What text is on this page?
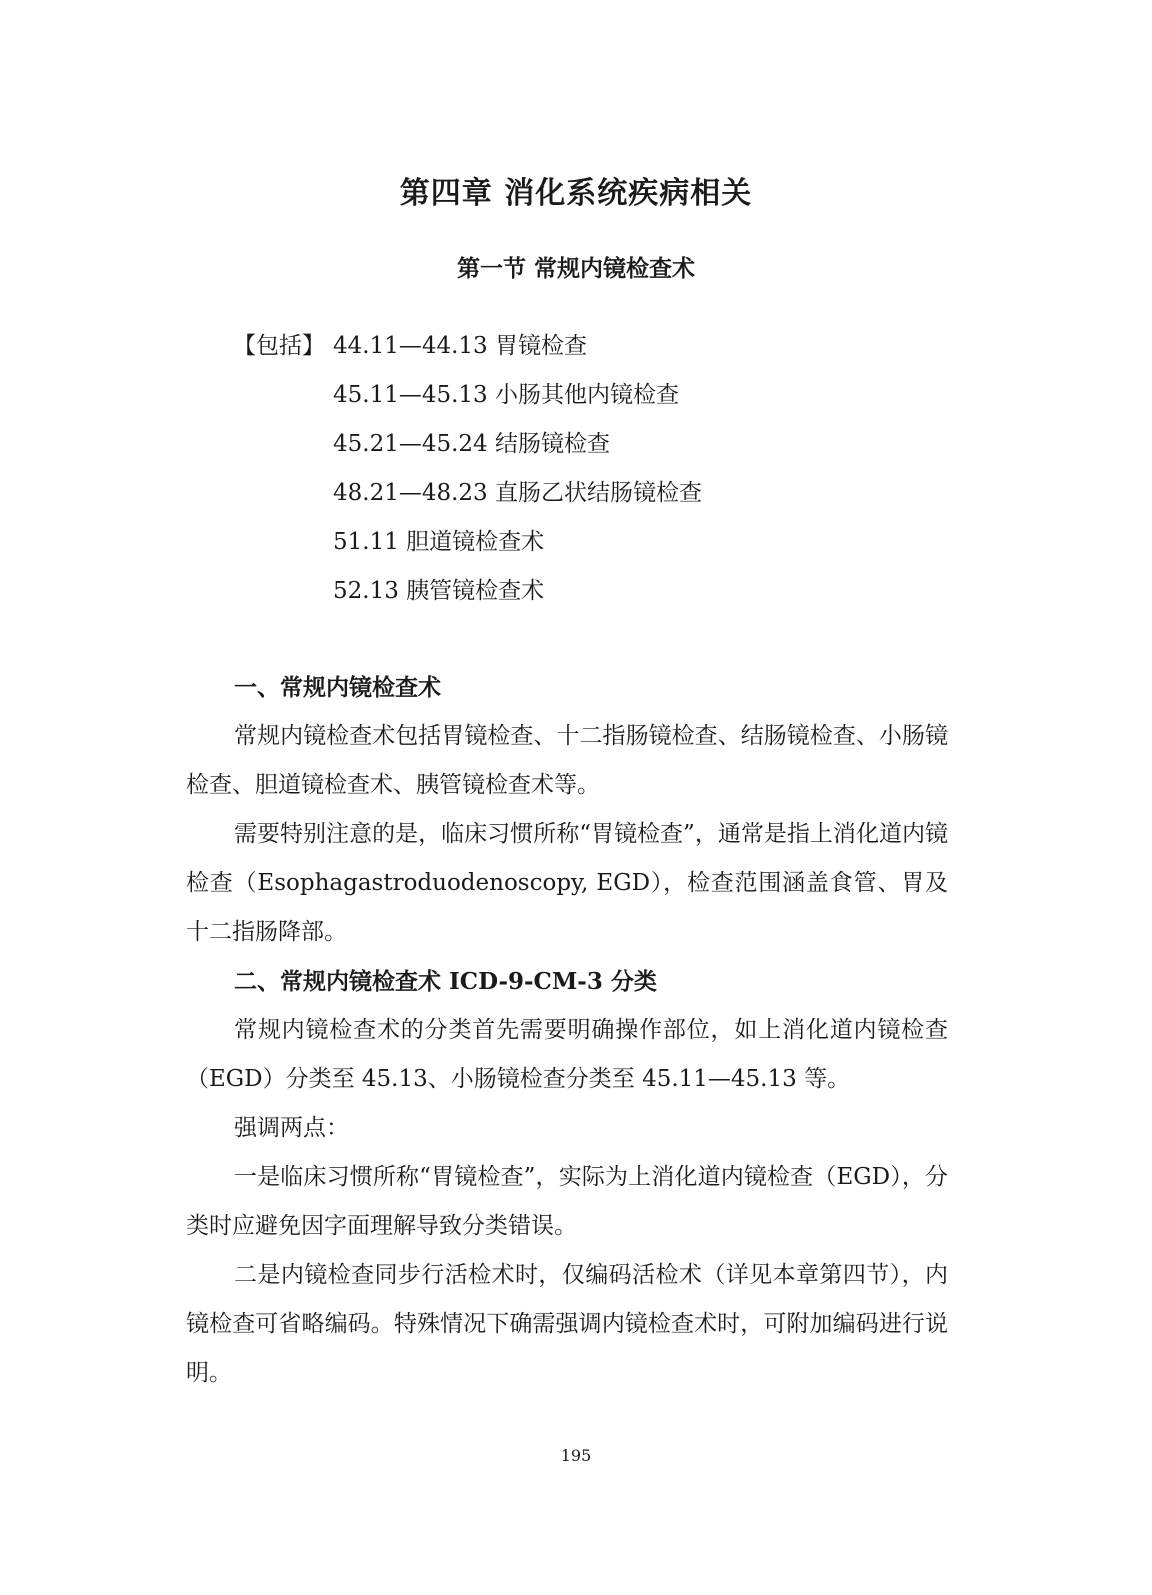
第四章 消化系统疾病相关
第一节 常规内镜检查术
【包括】 44.11—44.13 胃镜检查
45.11—45.13 小肠其他内镜检查
45.21—45.24 结肠镜检查
48.21—48.23 直肠乙状结肠镜检查
51.11 胆道镜检查术
52.13 胰管镜检查术

一、常规内镜检查术

常规内镜检查术包括胃镜检查、十二指肠镜检查、结肠镜检查、小肠镜检查、胆道镜检查术、胰管镜检查术等。

需要特别注意的是，临床习惯所称“胃镜检查”，通常是指上消化道内镜检查（Esophagastroduodenoscopy, EGD），检查范围涵盖食管、胃及十二指肠降部。

二、常规内镜检查术 ICD-9-CM-3 分类

常规内镜检查术的分类首先需要明确操作部位，如上消化道内镜检查（EGD）分类至 45.13、小肠镜检查分类至 45.11—45.13 等。

强调两点：

一是临床习惯所称“胃镜检查”，实际为上消化道内镜检查（EGD），分类时应避免因字面理解导致分类错误。

二是内镜检查同步行活检术时，仅编码活检术（详见本章第四节），内镜检查可省略编码。特殊情况下确需强调内镜检查术时，可附加编码进行说明。

195
